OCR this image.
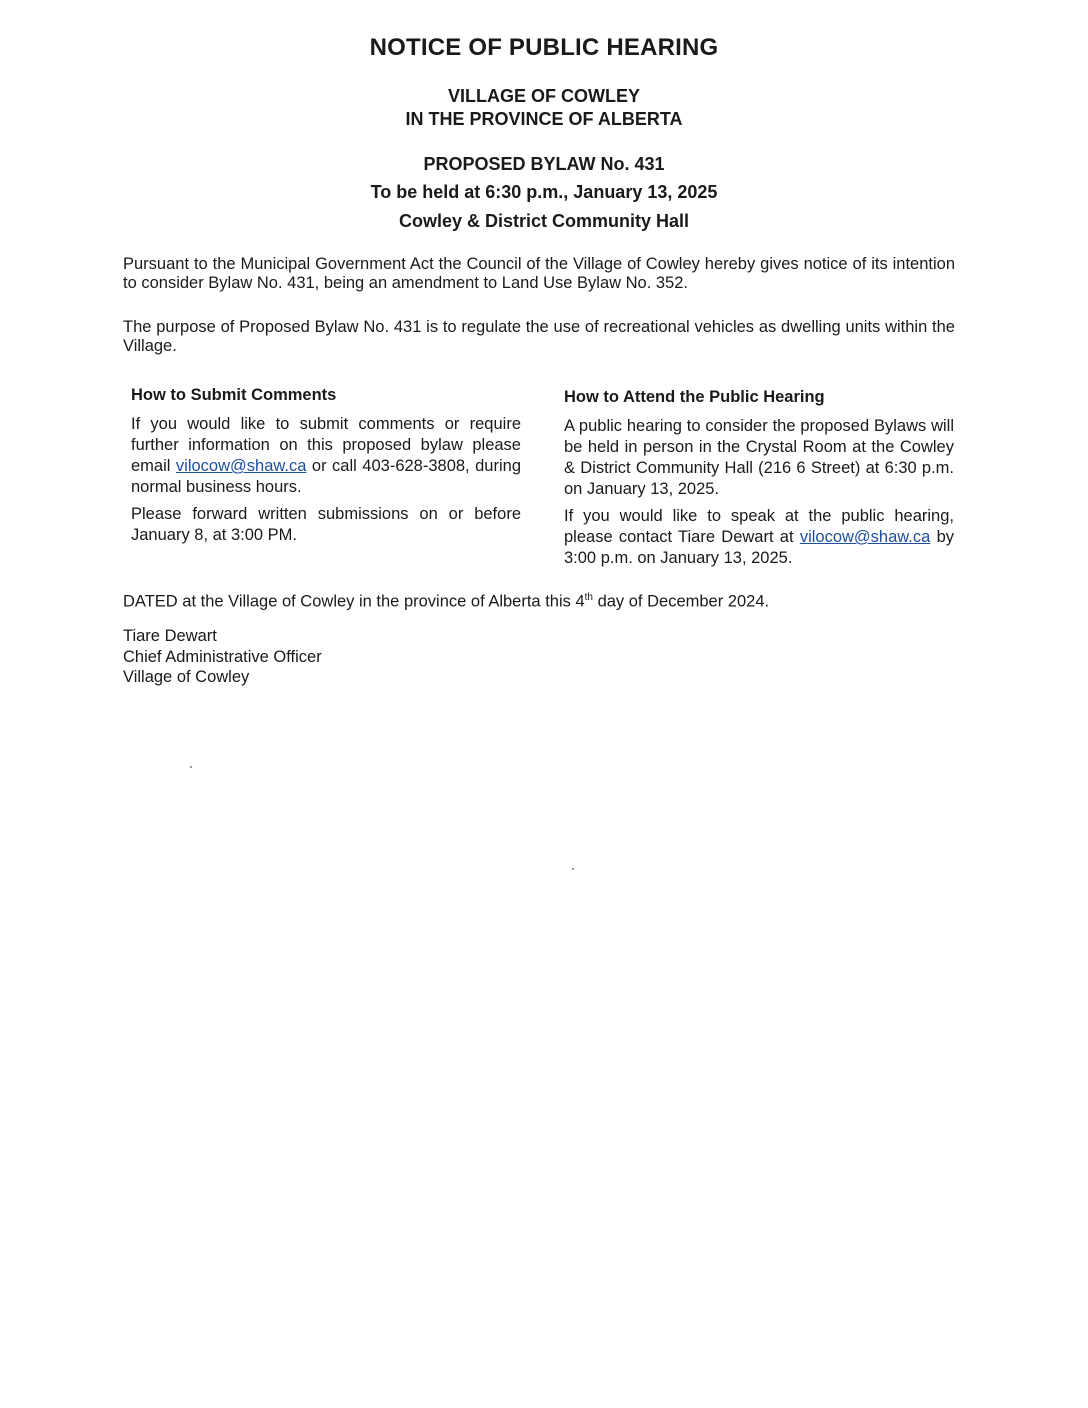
NOTICE OF PUBLIC HEARING
VILLAGE OF COWLEY
IN THE PROVINCE OF ALBERTA
PROPOSED BYLAW No. 431
To be held at 6:30 p.m., January 13, 2025
Cowley & District Community Hall
Pursuant to the Municipal Government Act the Council of the Village of Cowley hereby gives notice of its intention to consider Bylaw No. 431, being an amendment to Land Use Bylaw No. 352.
The purpose of Proposed Bylaw No. 431 is to regulate the use of recreational vehicles as dwelling units within the Village.
How to Submit Comments

If you would like to submit comments or require further information on this proposed bylaw please email vilocow@shaw.ca or call 403-628-3808, during normal business hours.

Please forward written submissions on or before January 8, at 3:00 PM.

How to Attend the Public Hearing

A public hearing to consider the proposed Bylaws will be held in person in the Crystal Room at the Cowley & District Community Hall (216 6 Street) at 6:30 p.m. on January 13, 2025.

If you would like to speak at the public hearing, please contact Tiare Dewart at vilocow@shaw.ca by 3:00 p.m. on January 13, 2025.

DATED at the Village of Cowley in the province of Alberta this 4th day of December 2024.
Tiare Dewart
Chief Administrative Officer
Village of Cowley
